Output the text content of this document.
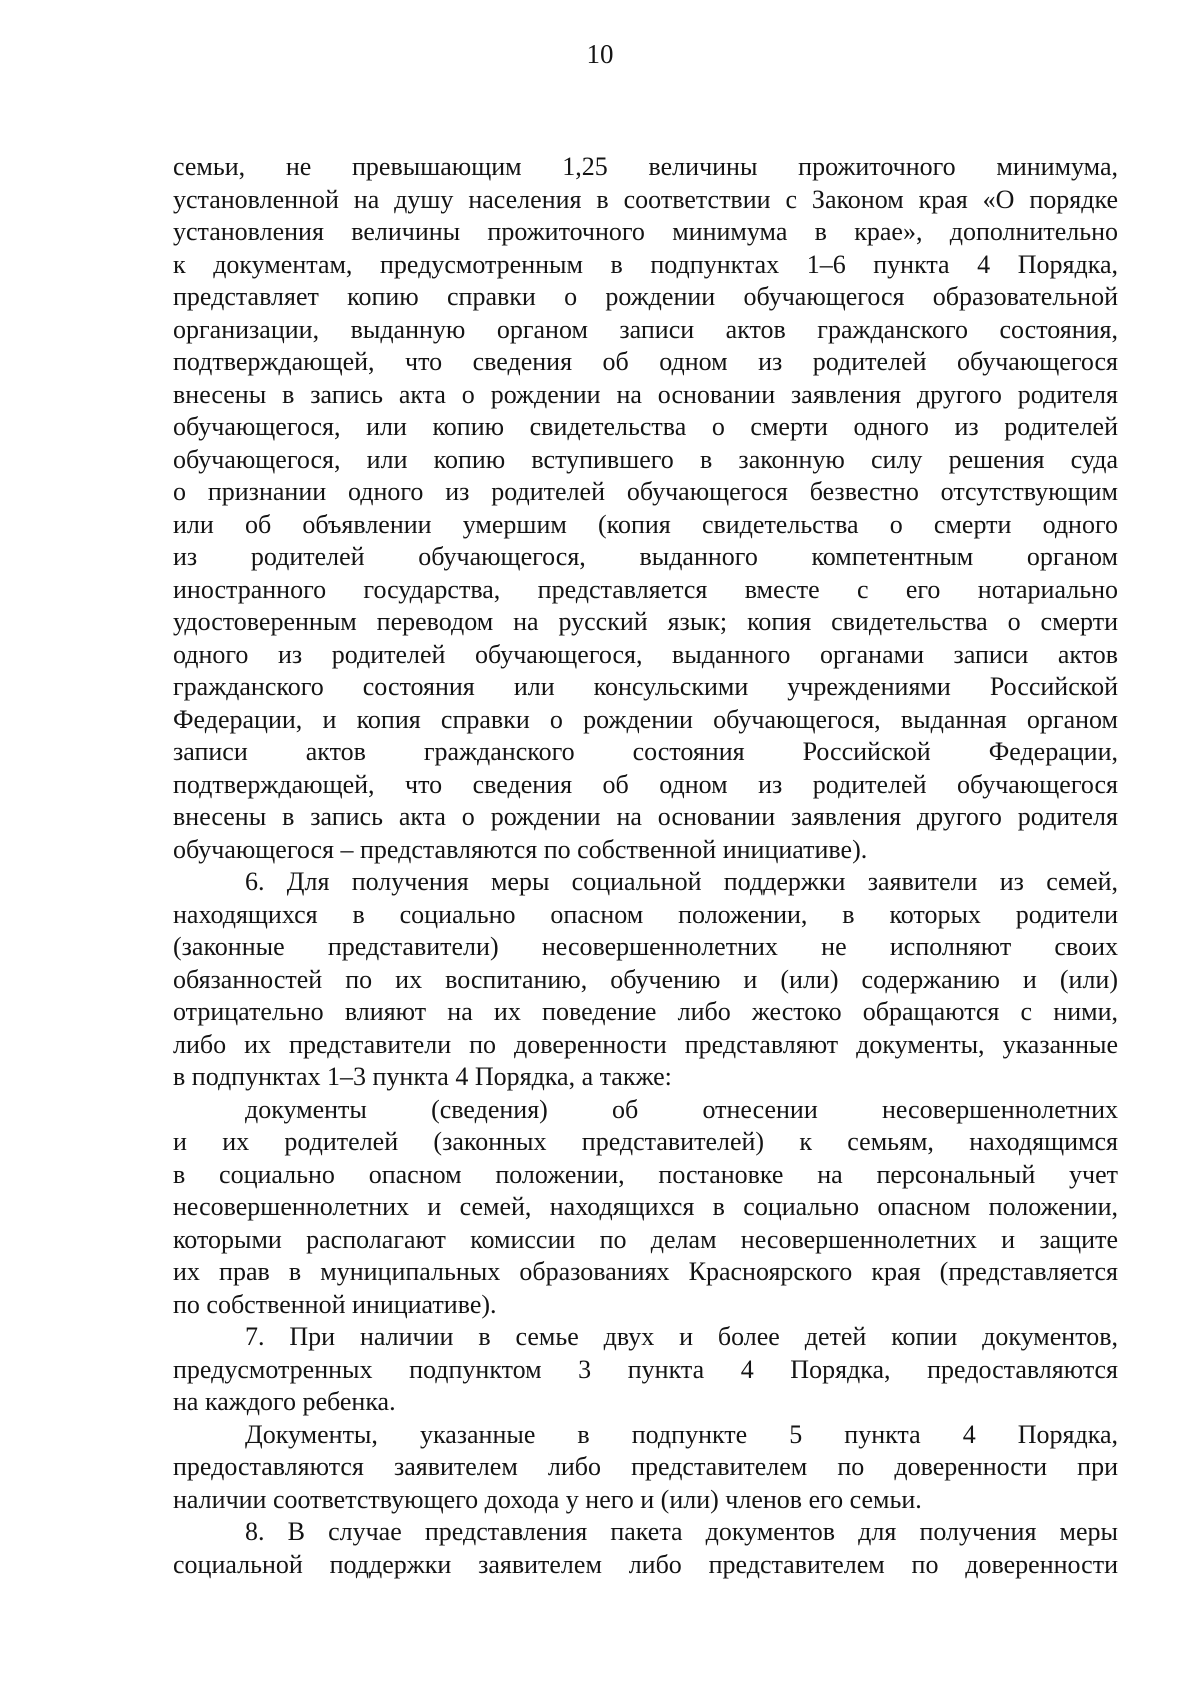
10
семьи, не превышающим 1,25 величины прожиточного минимума,
установленной на душу населения в соответствии с Законом края «О порядке
установления величины прожиточного минимума в крае», дополнительно
к документам, предусмотренным в подпунктах 1–6 пункта 4 Порядка,
представляет копию справки о рождении обучающегося образовательной
организации, выданную органом записи актов гражданского состояния,
подтверждающей, что сведения об одном из родителей обучающегося
внесены в запись акта о рождении на основании заявления другого родителя
обучающегося, или копию свидетельства о смерти одного из родителей
обучающегося, или копию вступившего в законную силу решения суда
о признании одного из родителей обучающегося безвестно отсутствующим
или об объявлении умершим (копия свидетельства о смерти одного
из родителей обучающегося, выданного компетентным органом
иностранного государства, представляется вместе с его нотариально
удостоверенным переводом на русский язык; копия свидетельства о смерти
одного из родителей обучающегося, выданного органами записи актов
гражданского состояния или консульскими учреждениями Российской
Федерации, и копия справки о рождении обучающегося, выданная органом
записи актов гражданского состояния Российской Федерации,
подтверждающей, что сведения об одном из родителей обучающегося
внесены в запись акта о рождении на основании заявления другого родителя
обучающегося – представляются по собственной инициативе).
6. Для получения меры социальной поддержки заявители из семей,
находящихся в социально опасном положении, в которых родители
(законные представители) несовершеннолетних не исполняют своих
обязанностей по их воспитанию, обучению и (или) содержанию и (или)
отрицательно влияют на их поведение либо жестоко обращаются с ними,
либо их представители по доверенности представляют документы, указанные
в подпунктах 1–3 пункта 4 Порядка, а также:
документы (сведения) об отнесении несовершеннолетних
и их родителей (законных представителей) к семьям, находящимся
в социально опасном положении, постановке на персональный учет
несовершеннолетних и семей, находящихся в социально опасном положении,
которыми располагают комиссии по делам несовершеннолетних и защите
их прав в муниципальных образованиях Красноярского края (представляется
по собственной инициативе).
7. При наличии в семье двух и более детей копии документов,
предусмотренных подпунктом 3 пункта 4 Порядка, предоставляются
на каждого ребенка.
Документы, указанные в подпункте 5 пункта 4 Порядка,
предоставляются заявителем либо представителем по доверенности при
наличии соответствующего дохода у него и (или) членов его семьи.
8. В случае представления пакета документов для получения меры
социальной поддержки заявителем либо представителем по доверенности
